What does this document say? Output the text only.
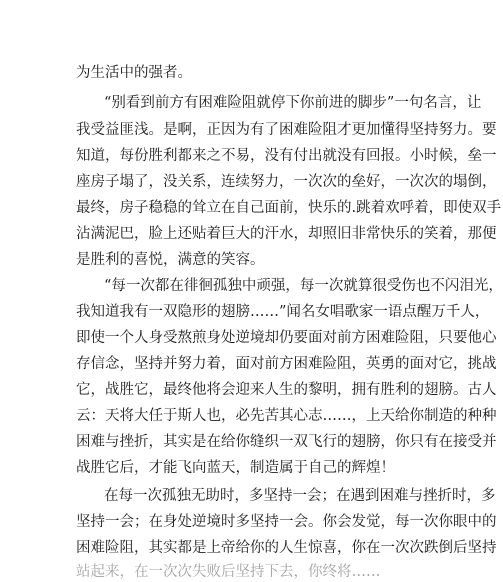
为生活中的强者。
“别看到前方有困难险阻就停下你前进的脚步”一句名言，让
我受益匪浅。是啊，正因为有了困难险阻才更加懂得坚持努力。要
知道，每份胜利都来之不易，没有付出就没有回报。小时候，垒一
座房子塌了，没关系，连续努力，一次次的垒好，一次次的塌倒，
最终，房子稳稳的耸立在自己面前，快乐的.跳着欢呼着，即使双手
沾满泥巴，脸上还贴着巨大的汗水，却照旧非常快乐的笑着，那便
是胜利的喜悦，满意的笑容。
“每一次都在徘徊孤独中顽强，每一次就算很受伤也不闪泪光，
我知道我有一双隐形的翅膀……”闻名女唱歌家一语点醒万千人，
即使一个人身受熬煎身处逆境却仍要面对前方困难险阻，只要他心
存信念，坚持并努力着，面对前方困难险阻，英勇的面对它，挑战
它，战胜它，最终他将会迎来人生的黎明，拥有胜利的翅膀。古人
云：天将大任于斯人也，必先苦其心志……，上天给你制造的种种
困难与挫折，其实是在给你缝织一双飞行的翅膀，你只有在接受并
战胜它后，才能飞向蓝天，制造属于自己的辉煌！
在每一次孤独无助时，多坚持一会；在遇到困难与挫折时，多
坚持一会；在身处逆境时多坚持一会。你会发觉，每一次你眼中的
困难险阻，其实都是上帝给你的人生惊喜，你在一次次跌倒后坚持
站起来，在一次次失败后坚持下去，你终将……
